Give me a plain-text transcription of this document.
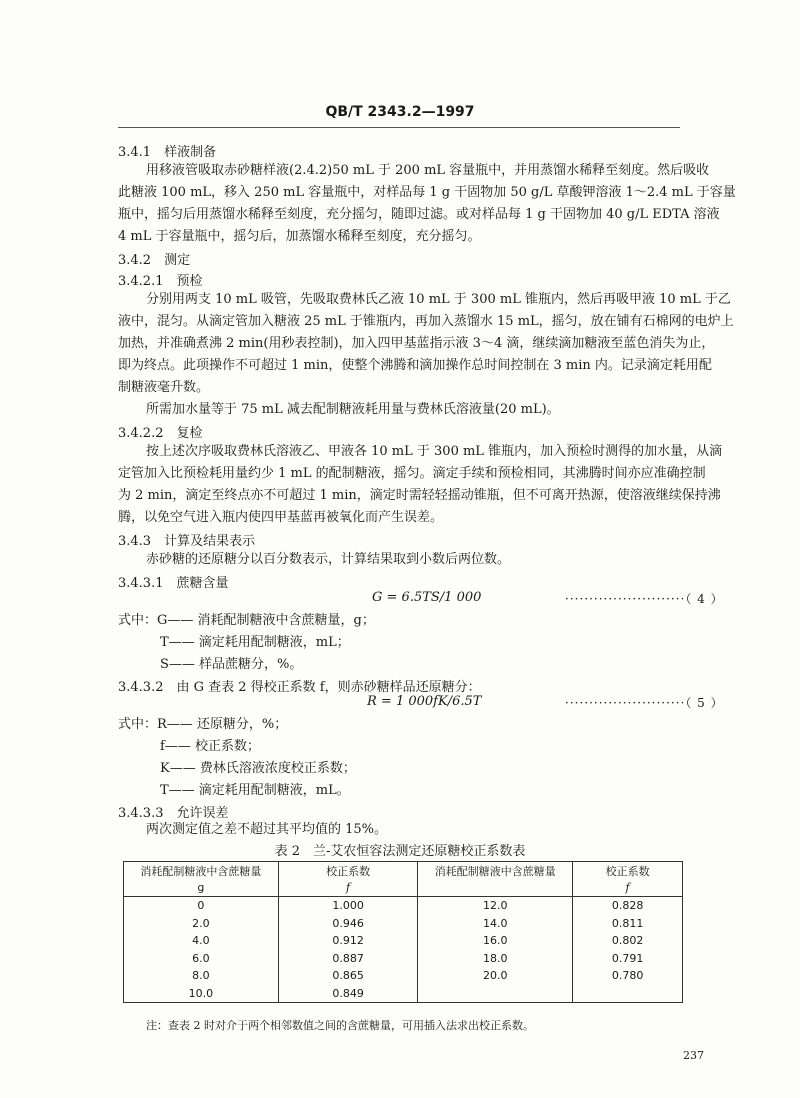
QB/T 2343.2—1997
3.4.1　样液制备
用移液管吸取赤砂糖样液(2.4.2)50 mL 于 200 mL 容量瓶中，并用蒸馏水稀释至刻度。然后吸收
此糖液 100 mL，移入 250 mL 容量瓶中，对样品每 1 g 干固物加 50 g/L 草酸钾溶液 1～2.4 mL 于容量
瓶中，摇匀后用蒸馏水稀释至刻度，充分摇匀，随即过滤。或对样品每 1 g 干固物加 40 g/L EDTA 溶液
4 mL 于容量瓶中，摇匀后，加蒸馏水稀释至刻度，充分摇匀。
3.4.2　测定
3.4.2.1　预检
分别用两支 10 mL 吸管，先吸取费林氏乙液 10 mL 于 300 mL 锥瓶内，然后再吸甲液 10 mL 于乙
液中，混匀。从滴定管加入糖液 25 mL 于锥瓶内，再加入蒸馏水 15 mL，摇匀，放在铺有石棉网的电炉上
加热，并准确煮沸 2 min(用秒表控制)，加入四甲基蓝指示液 3～4 滴，继续滴加糖液至蓝色消失为止，
即为终点。此项操作不可超过 1 min，使整个沸腾和滴加操作总时间控制在 3 min 内。记录滴定耗用配
制糖液毫升数。
所需加水量等于 75 mL 减去配制糖液耗用量与费林氏溶液量(20 mL)。
3.4.2.2　复检
按上述次序吸取费林氏溶液乙、甲液各 10 mL 于 300 mL 锥瓶内，加入预检时测得的加水量，从滴
定管加入比预检耗用量约少 1 mL 的配制糖液，摇匀。滴定手续和预检相同，其沸腾时间亦应准确控制
为 2 min，滴定至终点亦不可超过 1 min，滴定时需轻轻摇动锥瓶，但不可离开热源，使溶液继续保持沸
腾，以免空气进入瓶内使四甲基蓝再被氧化而产生误差。
3.4.3　计算及结果表示
赤砂糖的还原糖分以百分数表示，计算结果取到小数后两位数。
3.4.3.1　蔗糖含量
G = 6.5TS/1 000	·························（ 4 ）
式中：G—— 消耗配制糖液中含蔗糖量，g；
T—— 滴定耗用配制糖液，mL；
S—— 样品蔗糖分，%。
3.4.3.2　由 G 查表 2 得校正系数 f，则赤砂糖样品还原糖分：
R = 1 000fK/6.5T	·························（ 5 ）
式中：R—— 还原糖分，%；
f—— 校正系数；
K—— 费林氏溶液浓度校正系数；
T—— 滴定耗用配制糖液，mL。
3.4.3.3　允许误差
两次测定值之差不超过其平均值的 15%。
表 2　兰-艾农恒容法测定还原糖校正系数表
消耗配制糖液中含蔗糖量	校正系数	消耗配制糖液中含蔗糖量	校正系数
g	f		f
0	1.000	12.0	0.828
2.0	0.946	14.0	0.811
4.0	0.912	16.0	0.802
6.0	0.887	18.0	0.791
8.0	0.865	20.0	0.780
10.0	0.849		
注：查表 2 时对介于两个相邻数值之间的含蔗糖量，可用插入法求出校正系数。
237
